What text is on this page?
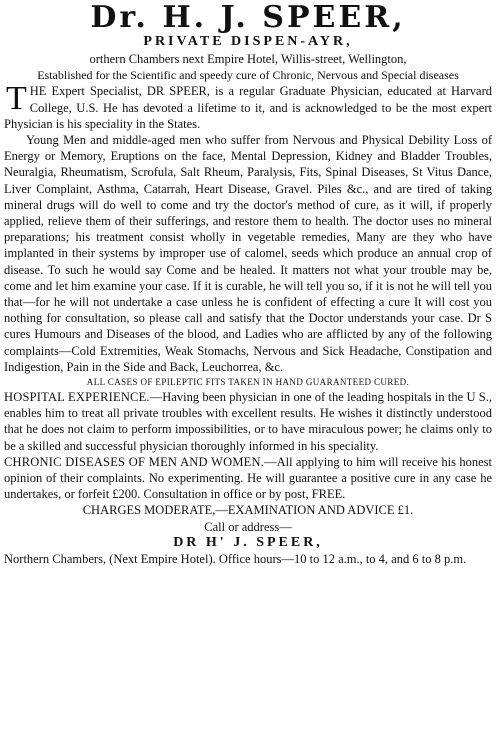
Dr. H. J. SPEER,
PRIVATE DISPEN-AYR,
orthern Chambers next Empire Hotel, Willis-street, Wellington,
Established for the Scientific and speedy cure of Chronic, Nervous and Special diseases

THE Expert Specialist, DR SPEER, is a regular Graduate Physician, educated at Harvard College, U.S. He has devoted a lifetime to it, and is acknowledged to be the most expert Physician is his speciality in the States.

Young Men and middle-aged men who suffer from Nervous and Physical Debility Loss of Energy or Memory, Eruptions on the face, Mental Depression, Kidney and Bladder Troubles, Neuralgia, Rheumatism, Scrofula, Salt Rheum, Paralysis, Fits, Spinal Diseases, St Vitus Dance, Liver Complaint, Asthma, Catarrah, Heart Disease, Gravel. Piles &c., and are tired of taking mineral drugs will do well to come and try the doctor's method of cure, as it will, if properly applied, relieve them of their sufferings, and restore them to health. The doctor uses no mineral preparations; his treatment consist wholly in vegetable remedies, Many are they who have implanted in their systems by improper use of calomel, seeds which produce an annual crop of disease. To such he would say Come and be healed. It matters not what your trouble may be, come and let him examine your case. If it is curable, he will tell you so, if it is not he will tell you that—for he will not undertake a case unless he is confident of effecting a cure It will cost you nothing for consultation, so please call and satisfy that the Doctor understands your case. Dr S cures Humours and Diseases of the blood, and Ladies who are afflicted by any of the following complaints—Cold Extremities, Weak Stomachs, Nervous and Sick Headache, Constipation and Indigestion, Pain in the Side and Back, Leuchorrea, &c.

ALL CASES OF EPILEPTIC FITS TAKEN IN HAND GUARANTEED CURED.

HOSPITAL EXPERIENCE.—Having been physician in one of the leading hospitals in the U S., enables him to treat all private troubles with excellent results. He wishes it distinctly understood that he does not claim to perform impossibilities, or to have miraculous power; he claims only to be a skilled and successful physician thoroughly informed in his speciality.

CHRONIC DISEASES OF MEN AND WOMEN.—All applying to him will receive his honest opinion of their complaints. No experimenting. He will guarantee a positive cure in any case he undertakes, or forfeit £200. Consultation in office or by post, FREE.

CHARGES MODERATE,—EXAMINATION AND ADVICE £1.
Call or address—
DR H' J. SPEER,

Northern Chambers, (Next Empire Hotel). Office hours—10 to 12 a.m., to 4, and 6 to 8 p.m.
